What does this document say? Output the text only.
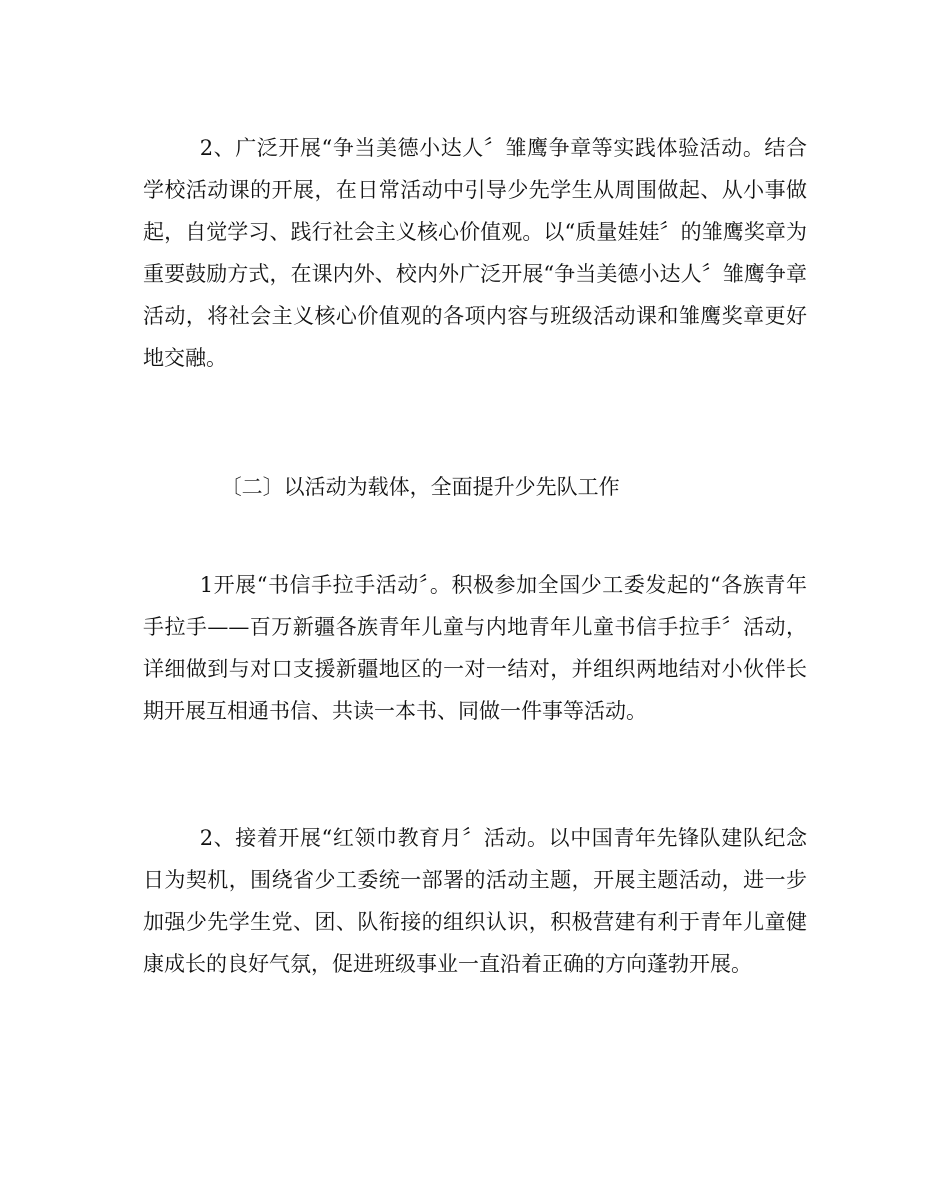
2、广泛开展“争当美德小达人〞雏鹰争章等实践体验活动。结合学校活动课的开展，在日常活动中引导少先学生从周围做起、从小事做起，自觉学习、践行社会主义核心价值观。以“质量娃娃〞的雏鹰奖章为重要鼓励方式，在课内外、校内外广泛开展“争当美德小达人〞雏鹰争章活动，将社会主义核心价值观的各项内容与班级活动课和雏鹰奖章更好地交融。

〔二〕以活动为载体，全面提升少先队工作

1开展“书信手拉手活动〞。积极参加全国少工委发起的“各族青年手拉手——百万新疆各族青年儿童与内地青年儿童书信手拉手〞活动，详细做到与对口支援新疆地区的一对一结对，并组织两地结对小伙伴长期开展互相通书信、共读一本书、同做一件事等活动。

2、接着开展“红领巾教育月〞活动。以中国青年先锋队建队纪念日为契机，围绕省少工委统一部署的活动主题，开展主题活动，进一步加强少先学生党、团、队衔接的组织认识，积极营建有利于青年儿童健康成长的良好气氛，促进班级事业一直沿着正确的方向蓬勃开展。
